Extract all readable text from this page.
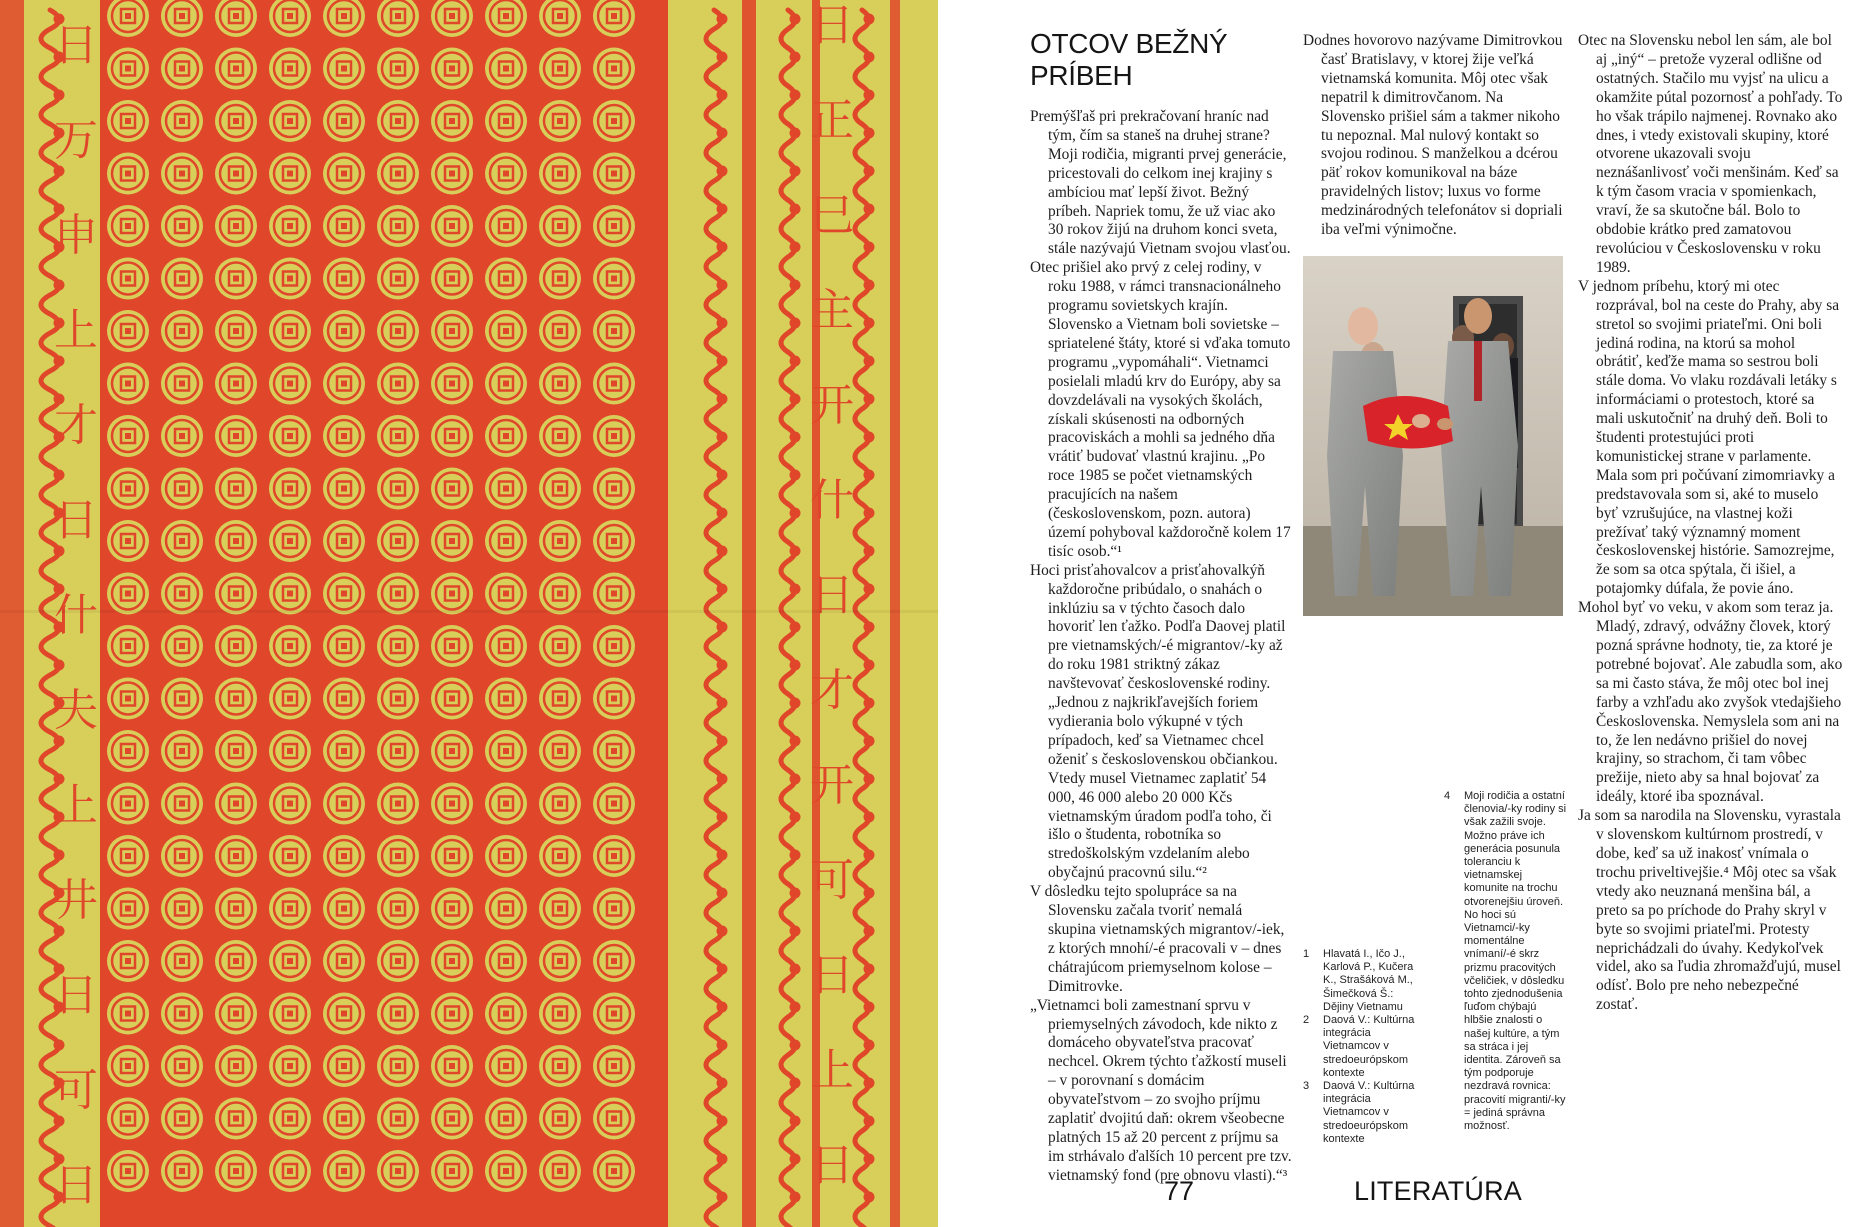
日
万
申
上
才
日
什
夫
上
井
日
可
日
日
正
巳
主
开
什
日
才
开
可
日
上
日
OTCOV BEŽNÝ PRÍBEH

Premýšľaš pri prekračovaní hraníc nad tým, čím sa staneš na druhej strane? Moji rodičia, migranti prvej generácie, pricestovali do celkom inej krajiny s ambíciou mať lepší život. Bežný príbeh. Napriek tomu, že už viac ako 30 rokov žijú na druhom konci sveta, stále nazývajú Vietnam svojou vlasťou.

Otec prišiel ako prvý z celej rodiny, v roku 1988, v rámci transnacionálneho programu sovietskych krajín. Slovensko a Vietnam boli sovietske – spriatelené štáty, ktoré si vďaka tomuto programu „vypomáhali“. Vietnamci posielali mladú krv do Európy, aby sa dovzdelávali na vysokých školách, získali skúsenosti na odborných pracoviskách a mohli sa jedného dňa vrátiť budovať vlastnú krajinu. „Po roce 1985 se počet vietnamských pracujících na našem (československom, pozn. autora) území pohyboval každoročně kolem 17 tisíc osob.“¹

Hoci prisťahovalcov a prisťahovalkýň každoročne pribúdalo, o snahách o inklúziu sa v týchto časoch dalo hovoriť len ťažko. Podľa Daovej platil pre vietnamských/-é migrantov/-ky až do roku 1981 striktný zákaz navštevovať československé rodiny. „Jednou z najkrikľavejších foriem vydierania bolo výkupné v tých prípadoch, keď sa Vietnamec chcel oženiť s československou občiankou. Vtedy musel Vietnamec zaplatiť 54 000, 46 000 alebo 20 000 Kčs vietnamským úradom podľa toho, či išlo o študenta, robotníka so stredoškolským vzdelaním alebo obyčajnú pracovnú silu.“²

V dôsledku tejto spolupráce sa na Slovensku začala tvoriť nemalá skupina vietnamských migrantov/-iek, z ktorých mnohí/-é pracovali v – dnes chátrajúcom priemyselnom kolose – Dimitrovke.

„Vietnamci boli zamestnaní sprvu v priemyselných závodoch, kde nikto z domáceho obyvateľstva pracovať nechcel. Okrem týchto ťažkostí museli – v porovnaní s domácim obyvateľstvom – zo svojho príjmu zaplatiť dvojitú daň: okrem všeobecne platných 15 až 20 percent z príjmu sa im strhávalo ďalších 10 percent pre tzv. vietnamský fond (pre obnovu vlasti).“³

Dodnes hovorovo nazývame Dimitrovkou časť Bratislavy, v ktorej žije veľká vietnamská komunita. Môj otec však nepatril k dimitrovčanom. Na Slovensko prišiel sám a takmer nikoho tu nepoznal. Mal nulový kontakt so svojou rodinou. S manželkou a dcérou päť rokov komunikoval na báze pravidelných listov; luxus vo forme medzinárodných telefonátov si dopriali iba veľmi výnimočne.

1	Hlavatá I., Ičo J., Karlová P., Kučera K., Strašáková M., Šimečková Š.: Dějiny Vietnamu
2	Daová V.: Kultúrna integrácia Vietnamcov v stredoeurópskom kontexte
3	Daová V.: Kultúrna integrácia Vietnamcov v stredoeurópskom kontexte
4	Moji rodičia a ostatní členovia/-ky rodiny si však zažili svoje. Možno práve ich generácia posunula toleranciu k vietnamskej komunite na trochu otvorenejšiu úroveň. No hoci sú Vietnamci/-ky momentálne vnímaní/-é skrz prizmu pracovitých včeličiek, v dôsledku tohto zjednodušenia ľuďom chýbajú hlbšie znalosti o našej kultúre, a tým sa stráca i jej identita. Zároveň sa tým podporuje nezdravá rovnica: pracovití migranti/-ky = jediná správna možnosť.

Otec na Slovensku nebol len sám, ale bol aj „iný“ – pretože vyzeral odlišne od ostatných. Stačilo mu vyjsť na ulicu a okamžite pútal pozornosť a pohľady. To ho však trápilo najmenej. Rovnako ako dnes, i vtedy existovali skupiny, ktoré otvorene ukazovali svoju neznášanlivosť voči menšinám. Keď sa k tým časom vracia v spomienkach, vraví, že sa skutočne bál. Bolo to obdobie krátko pred zamatovou revolúciou v Československu v roku 1989.

V jednom príbehu, ktorý mi otec rozprával, bol na ceste do Prahy, aby sa stretol so svojimi priateľmi. Oni boli jediná rodina, na ktorú sa mohol obrátiť, keďže mama so sestrou boli stále doma. Vo vlaku rozdávali letáky s informáciami o protestoch, ktoré sa mali uskutočniť na druhý deň. Boli to študenti protestujúci proti komunistickej strane v parlamente. Mala som pri počúvaní zimomriavky a predstavovala som si, aké to muselo byť vzrušujúce, na vlastnej koži prežívať taký významný moment československej histórie. Samozrejme, že som sa otca spýtala, či išiel, a potajomky dúfala, že povie áno.

Mohol byť vo veku, v akom som teraz ja. Mladý, zdravý, odvážny človek, ktorý pozná správne hodnoty, tie, za ktoré je potrebné bojovať. Ale zabudla som, ako sa mi často stáva, že môj otec bol inej farby a vzhľadu ako zvyšok vtedajšieho Československa. Nemyslela som ani na to, že len nedávno prišiel do novej krajiny, so strachom, či tam vôbec prežije, nieto aby sa hnal bojovať za ideály, ktoré iba spoznával.

Ja som sa narodila na Slovensku, vyrastala v slovenskom kultúrnom prostredí, v dobe, keď sa už inakosť vnímala o trochu priveltivejšie.⁴ Môj otec sa však vtedy ako neuznaná menšina bál, a preto sa po príchode do Prahy skryl v byte so svojimi priateľmi. Protesty neprichádzali do úvahy. Kedykoľvek videl, ako sa ľudia zhromažďujú, musel odísť. Bolo pre neho nebezpečné zostať.

77	LITERATÚRA
